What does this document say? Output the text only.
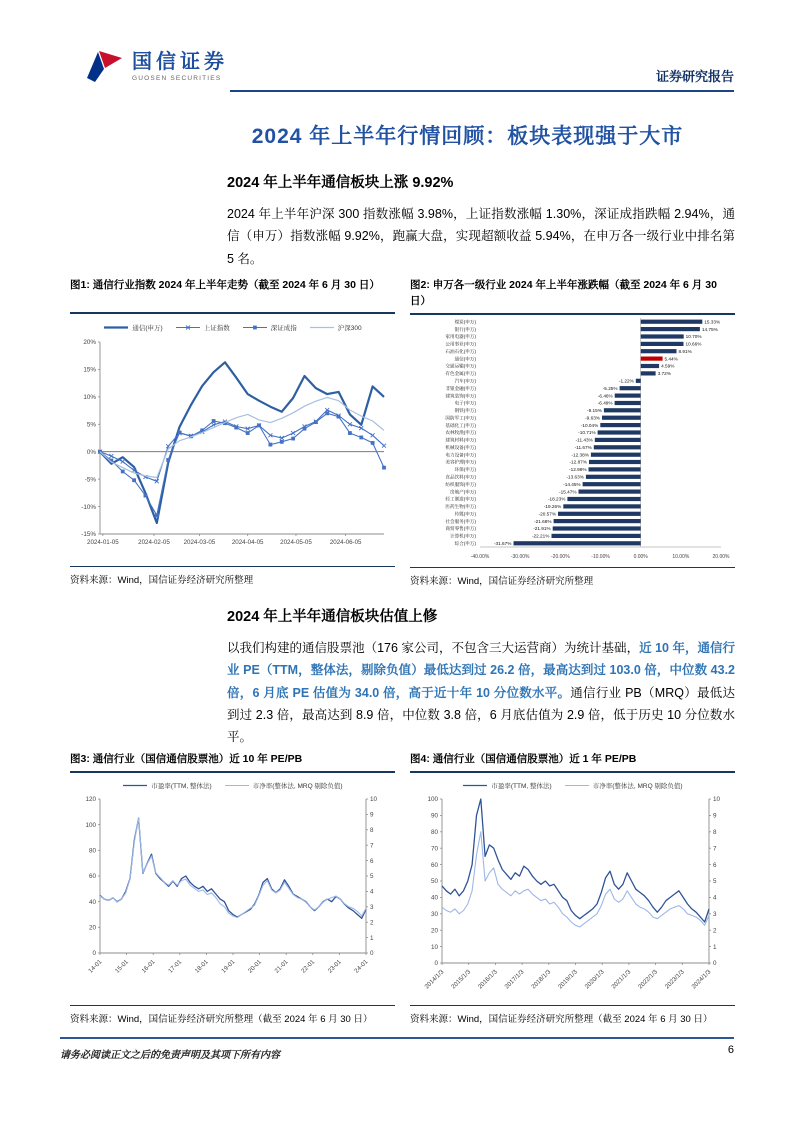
国信证券
GUOSEN SECURITIES	证券研究报告
2024 年上半年行情回顾：板块表现强于大市
2024 年上半年通信板块上涨 9.92%

2024 年上半年沪深 300 指数涨幅 3.98%，上证指数涨幅 1.30%，深证成指跌幅 2.94%，通信（申万）指数涨幅 9.92%，跑赢大盘，实现超额收益 5.94%，在申万各一级行业中排名第 5 名。

图1: 通信行业指数 2024 年上半年走势（截至 2024 年 6 月 30 日）
通信(申万)	上证指数	深证成指	沪深300
20%
15%
10%
5%
0%
-5%
-10%
-15%
2024-01-05	2024-02-05 2024-03-05	2024-04-05	2024-05-05	2024-06-05
资料来源：Wind，国信证券经济研究所整理
图2: 申万各一级行业 2024 年上半年涨跌幅（截至 2024 年 6 月 30 日）
煤炭(申万)	15.33%
银行(申万)	14.75%
家用电器(申万)	10.70%
公用事业(申万)	10.66%
石油石化(申万)	8.91%
通信(申万)	5.44%
交通运输(申万)	4.59%
有色金属(申万)	3.72%
汽车(申万)	-1.22%
非银金融(申万)	-5.25%
建筑装饰(申万)	-6.46%
电子(申万)	-6.49%
钢铁(申万)	-9.15%
国防军工(申万)	-9.63%
基础化工(申万)	-10.04%
农林牧渔(申万)	-10.71%
建筑材料(申万)	-11.43%
机械设备(申万)	-11.67%
电力设备(申万)	-12.38%
美容护理(申万)	-12.87%
环保(申万)	-12.98%
食品饮料(申万)	-13.63%
纺织服饰(申万)	-14.45%
房地产(申万)	-15.47%
轻工制造(申万)	-18.23%
医药生物(申万)	-19.26%
传媒(申万)	-20.57%
社会服务(申万)	-21.68%
商贸零售(申万)	-21.91%
计算机(申万)	-22.21%
综合(申万)	-31.67%
-40.00%	-30.00%	-20.00%	-10.00%	0.00%	10.00%	20.00%
资料来源：Wind，国信证券经济研究所整理
2024 年上半年通信板块估值上修

以我们构建的通信股票池（176 家公司，不包含三大运营商）为统计基础，近 10 年，通信行业 PE（TTM，整体法，剔除负值）最低达到过 26.2 倍，最高达到过 103.0 倍，中位数 43.2 倍，6 月底 PE 估值为 34.0 倍，高于近十年 10 分位数水平。通信行业 PB（MRQ）最低达到过 2.3 倍，最高达到 8.9 倍，中位数 3.8 倍，6 月底估值为 2.9 倍，低于历史 10 分位数水平。

图3: 通信行业（国信通信股票池）近 10 年 PE/PB
市盈率(TTM, 整体法)	市净率(整体法, MRQ 剔除负值)
120
100
80
60
40
20
0
10
9
8
7
6
5
4
3
2
1
0
14-01 15-01 16-01 17-01 18-01 19-01 20-01 21-01 22-01 23-01 24-01
资料来源：Wind，国信证券经济研究所整理（截至 2024 年 6 月 30 日）
图4: 通信行业（国信通信股票池）近 1 年 PE/PB
市盈率(TTM, 整体法)	市净率(整体法, MRQ 剔除负值)
100
90
80
70
60
50
40
30
20
10
0
10
9
8
7
6
5
4
3
2
1
0
2014/1/3 2015/1/3 2016/1/3 2017/1/3 2018/1/3 2019/1/3 2020/1/3 2021/1/3 2022/1/3 2023/1/3 2024/1/3
资料来源：Wind，国信证券经济研究所整理（截至 2024 年 6 月 30 日）
请务必阅读正文之后的免责声明及其项下所有内容	6
